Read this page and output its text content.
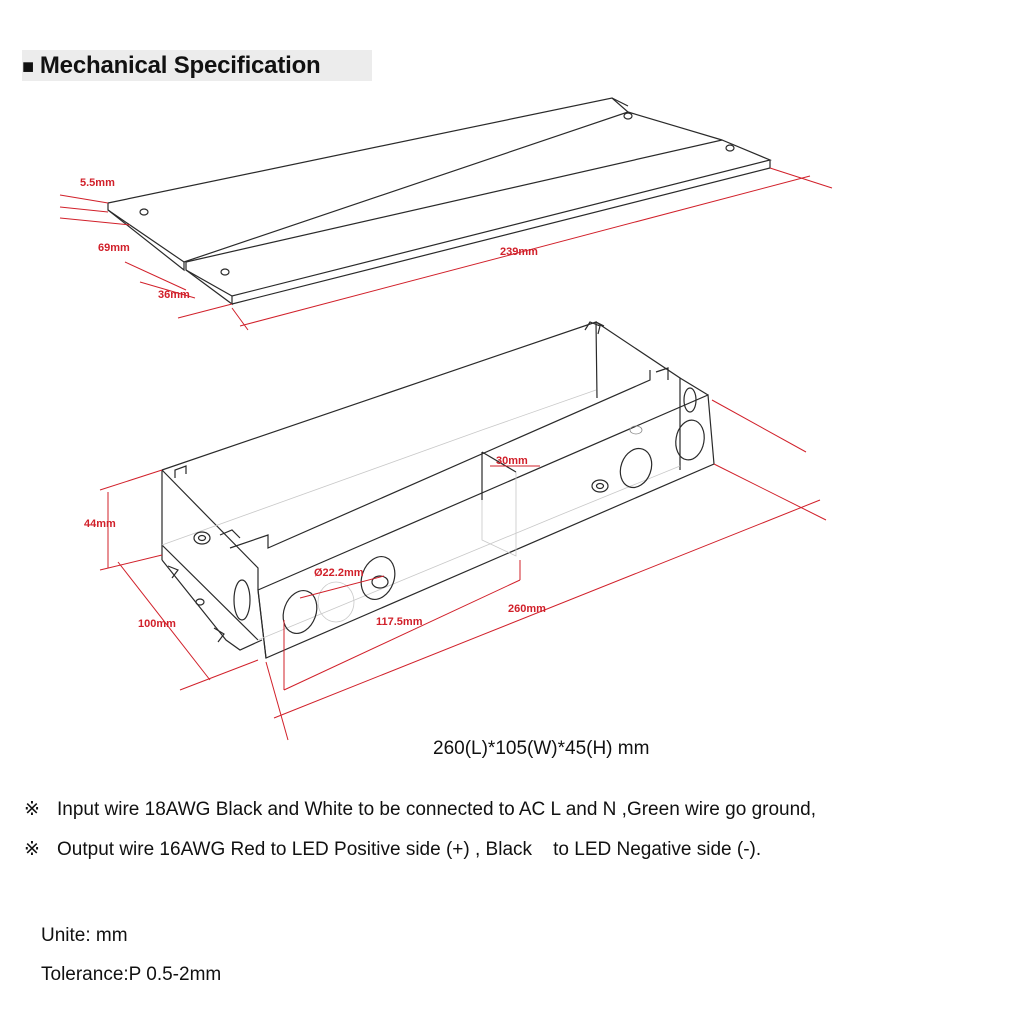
■ Mechanical Specification
5.5mm
69mm
36mm
239mm
44mm
100mm
Ø22.2mm
117.5mm
30mm
260mm
260(L)*105(W)*45(H) mm
※ Input wire 18AWG Black and White to be connected to AC L and N ,Green wire go ground,
※ Output wire 16AWG Red to LED Positive side (+) , Black    to LED Negative side (-).
Unite: mm
Tolerance:P 0.5-2mm
